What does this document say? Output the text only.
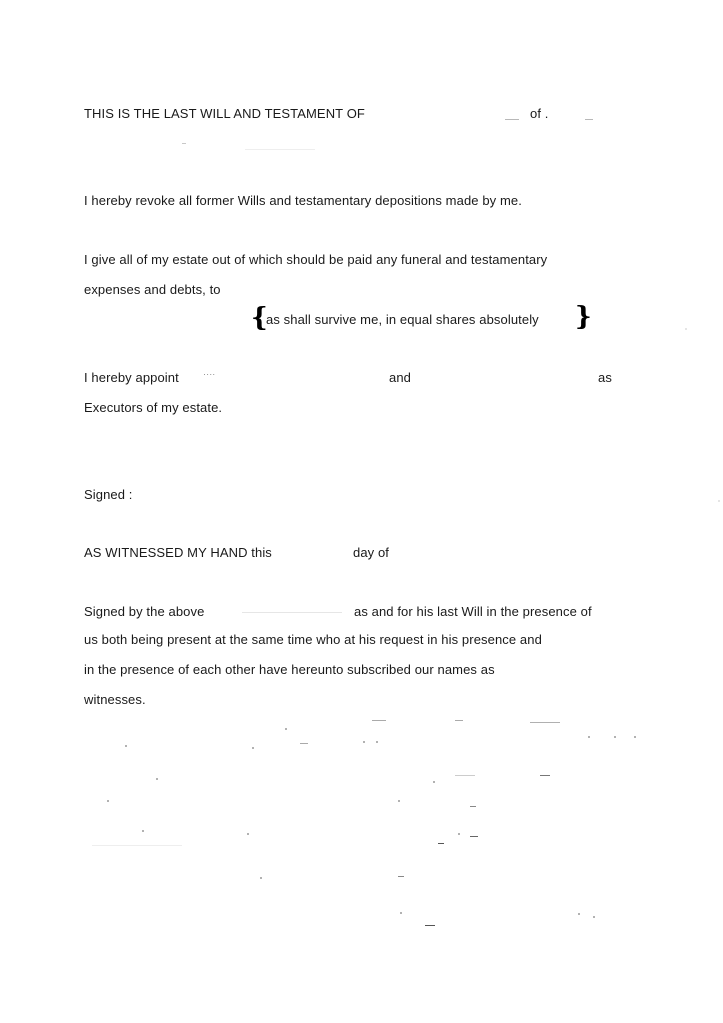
THIS IS THE LAST WILL AND TESTAMENT OF	of .
I hereby revoke all former Wills and testamentary depositions made by me.
I give all of my estate out of which should be paid any funeral and testamentary
expenses and debts, to
{
as shall survive me, in equal shares absolutely }
I hereby appoint	····	and	as
Executors of my estate.
Signed :
AS WITNESSED MY HAND this	day of
Signed by the above	as and for his last Will in the presence of
us both being present at the same time who at his request in his presence and
in the presence of each other have hereunto subscribed our names as
witnesses.
